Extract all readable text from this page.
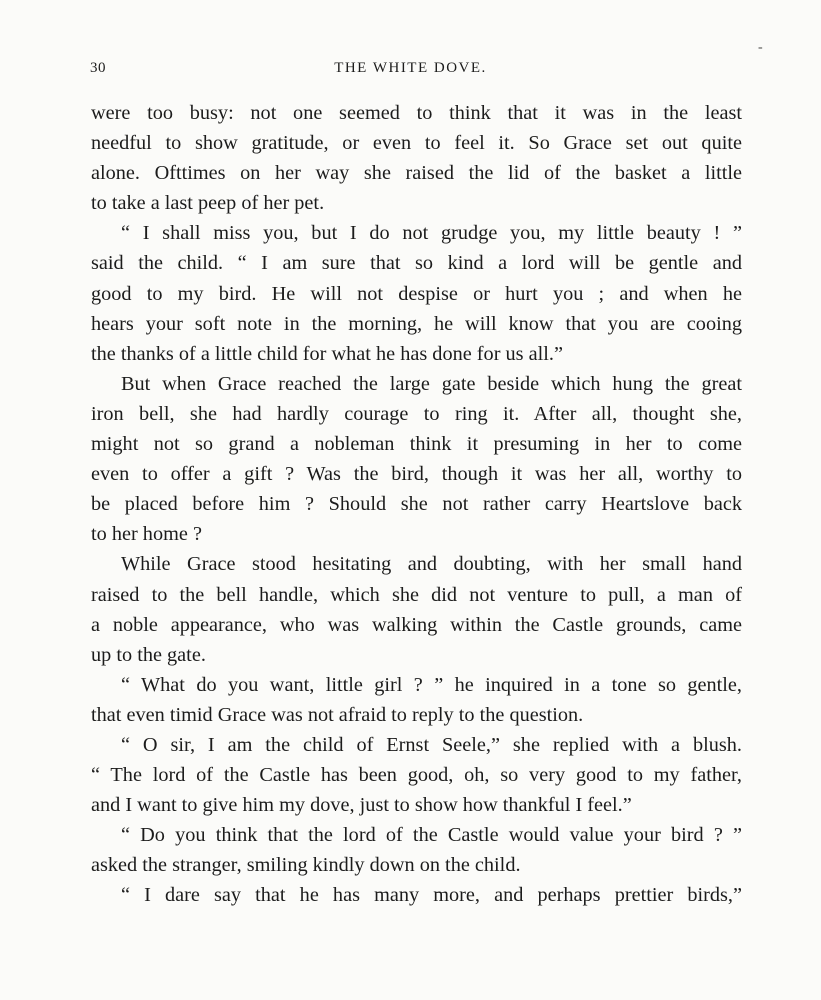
30	THE WHITE DOVE.
-
were too busy: not one seemed to think that it was in the least
needful to show gratitude, or even to feel it. So Grace set out quite
alone. Ofttimes on her way she raised the lid of the basket a little
to take a last peep of her pet.
“ I shall miss you, but I do not grudge you, my little beauty ! ”
said the child. “ I am sure that so kind a lord will be gentle and
good to my bird. He will not despise or hurt you ; and when he
hears your soft note in the morning, he will know that you are cooing
the thanks of a little child for what he has done for us all.”
But when Grace reached the large gate beside which hung the great
iron bell, she had hardly courage to ring it. After all, thought she,
might not so grand a nobleman think it presuming in her to come
even to offer a gift ? Was the bird, though it was her all, worthy to
be placed before him ? Should she not rather carry Heartslove back
to her home ?
While Grace stood hesitating and doubting, with her small hand
raised to the bell handle, which she did not venture to pull, a man of
a noble appearance, who was walking within the Castle grounds, came
up to the gate.
“ What do you want, little girl ? ” he inquired in a tone so gentle,
that even timid Grace was not afraid to reply to the question.
“ O sir, I am the child of Ernst Seele,” she replied with a blush.
“ The lord of the Castle has been good, oh, so very good to my father,
and I want to give him my dove, just to show how thankful I feel.”
“ Do you think that the lord of the Castle would value your bird ? ”
asked the stranger, smiling kindly down on the child.
“ I dare say that he has many more, and perhaps prettier birds,”
